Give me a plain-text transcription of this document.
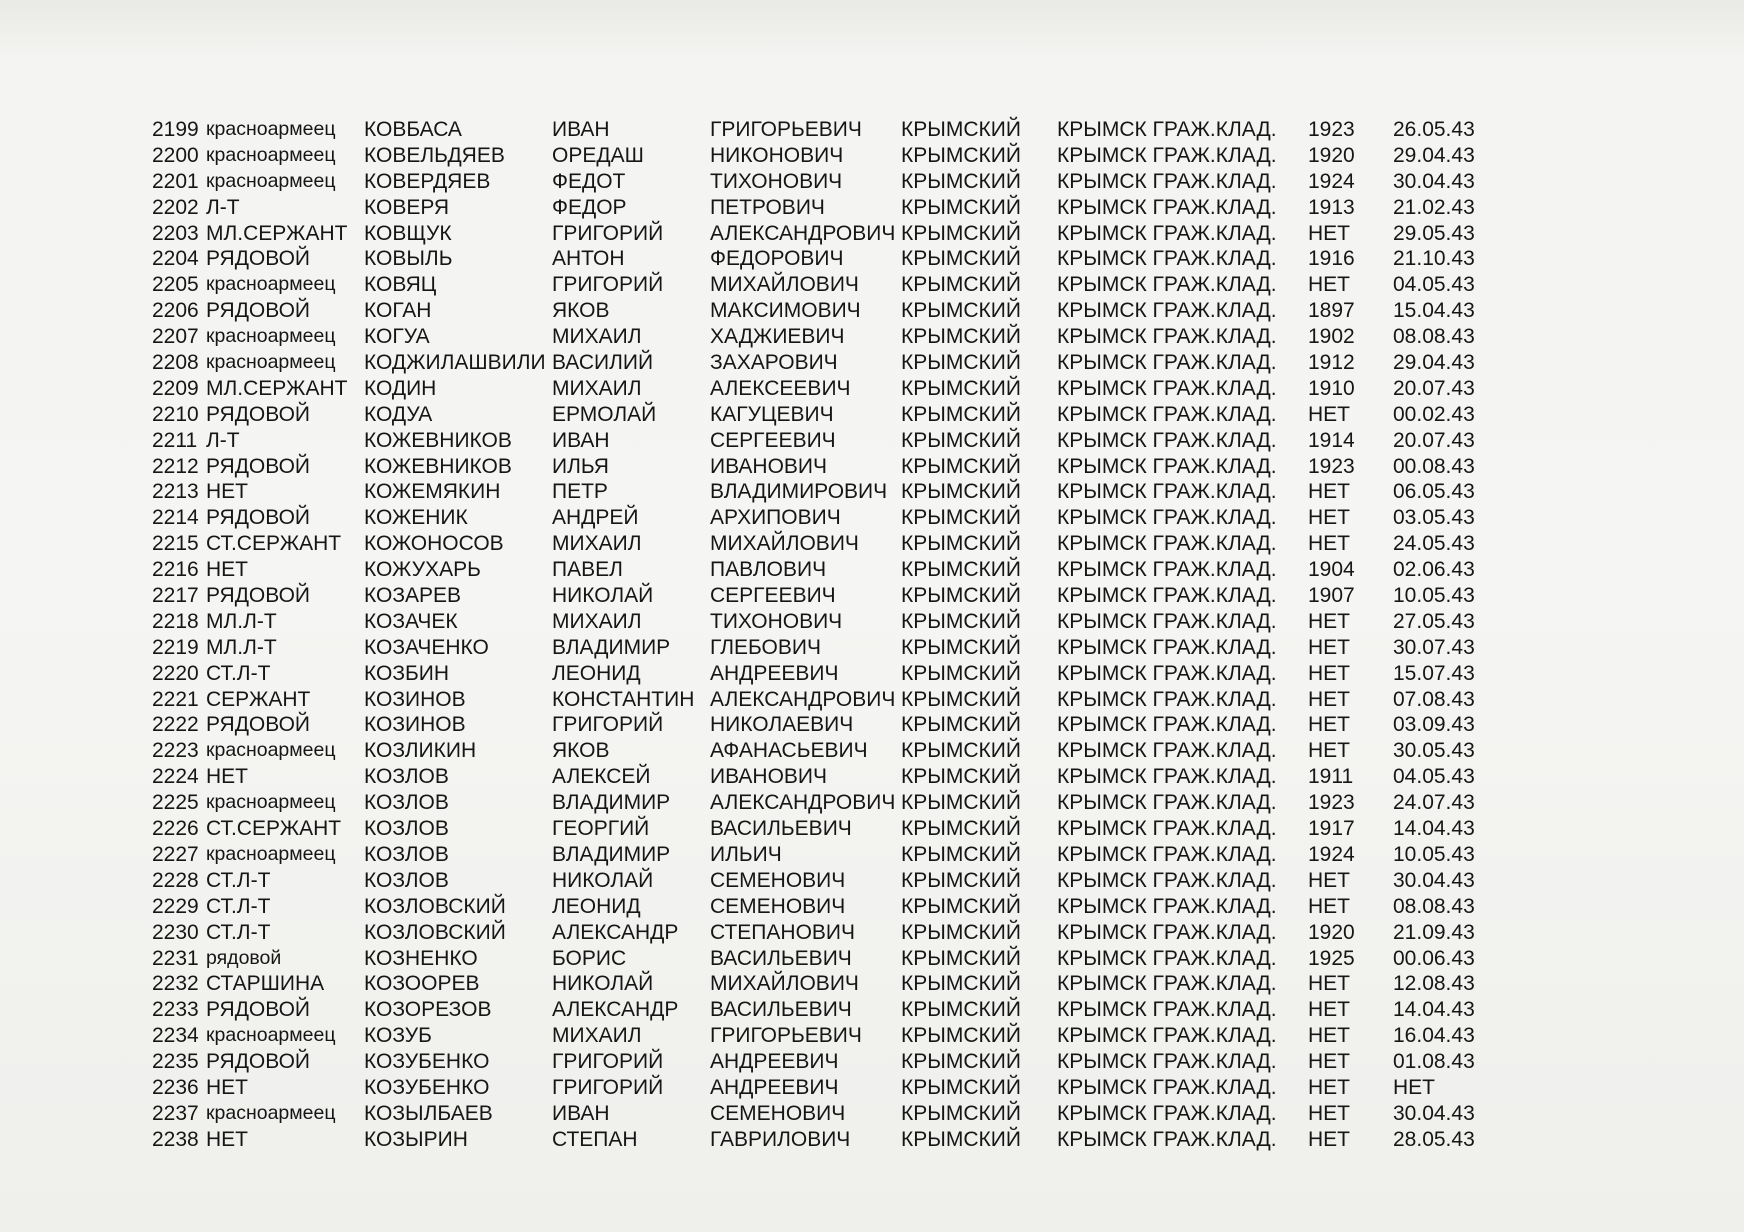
2199 красноармеец КОВБАСА	ИВАН	ГРИГОРЬЕВИЧ КРЫМСКИЙ КРЫМСК ГРАЖ.КЛАД. 1923 26.05.43
2200 красноармеец КОВЕЛЬДЯЕВ ОРЕДАШ	НИКОНОВИЧ	КРЫМСКИЙ КРЫМСК ГРАЖ.КЛАД. 1920 29.04.43
2201 красноармеец КОВЕРДЯЕВ	ФЕДОТ	ТИХОНОВИЧ	КРЫМСКИЙ КРЫМСК ГРАЖ.КЛАД. 1924 30.04.43
2202 Л-Т	КОВЕРЯ	ФЕДОР	ПЕТРОВИЧ	КРЫМСКИЙ КРЫМСК ГРАЖ.КЛАД. 1913 21.02.43
2203 МЛ.СЕРЖАНТ КОВЩУК	ГРИГОРИЙ АЛЕКСАНДРОВИЧ КРЫМСКИЙ КРЫМСК ГРАЖ.КЛАД. НЕТ 29.05.43
2204 РЯДОВОЙ	КОВЫЛЬ	АНТОН	ФЕДОРОВИЧ	КРЫМСКИЙ КРЫМСК ГРАЖ.КЛАД. 1916 21.10.43
2205 красноармеец КОВЯЦ	ГРИГОРИЙ МИХАЙЛОВИЧ КРЫМСКИЙ КРЫМСК ГРАЖ.КЛАД. НЕТ 04.05.43
2206 РЯДОВОЙ	КОГАН	ЯКОВ	МАКСИМОВИЧ КРЫМСКИЙ КРЫМСК ГРАЖ.КЛАД. 1897 15.04.43
2207 красноармеец КОГУА	МИХАИЛ	ХАДЖИЕВИЧ	КРЫМСКИЙ КРЫМСК ГРАЖ.КЛАД. 1902 08.08.43
2208 красноармеец КОДЖИЛАШВИЛИ ВАСИЛИЙ	ЗАХАРОВИЧ	КРЫМСКИЙ КРЫМСК ГРАЖ.КЛАД. 1912 29.04.43
2209 МЛ.СЕРЖАНТ КОДИН	МИХАИЛ	АЛЕКСЕЕВИЧ КРЫМСКИЙ КРЫМСК ГРАЖ.КЛАД. 1910 20.07.43
2210 РЯДОВОЙ	КОДУА	ЕРМОЛАЙ	КАГУЦЕВИЧ	КРЫМСКИЙ КРЫМСК ГРАЖ.КЛАД. НЕТ 00.02.43
2211 Л-Т	КОЖЕВНИКОВ ИВАН	СЕРГЕЕВИЧ	КРЫМСКИЙ КРЫМСК ГРАЖ.КЛАД. 1914 20.07.43
2212 РЯДОВОЙ	КОЖЕВНИКОВ ИЛЬЯ	ИВАНОВИЧ	КРЫМСКИЙ КРЫМСК ГРАЖ.КЛАД. 1923 00.08.43
2213 НЕТ	КОЖЕМЯКИН ПЕТР	ВЛАДИМИРОВИЧ КРЫМСКИЙ КРЫМСК ГРАЖ.КЛАД. НЕТ 06.05.43
2214 РЯДОВОЙ	КОЖЕНИК	АНДРЕЙ	АРХИПОВИЧ	КРЫМСКИЙ КРЫМСК ГРАЖ.КЛАД. НЕТ 03.05.43
2215 СТ.СЕРЖАНТ КОЖОНОСОВ МИХАИЛ	МИХАЙЛОВИЧ КРЫМСКИЙ КРЫМСК ГРАЖ.КЛАД. НЕТ 24.05.43
2216 НЕТ	КОЖУХАРЬ	ПАВЕЛ	ПАВЛОВИЧ	КРЫМСКИЙ КРЫМСК ГРАЖ.КЛАД. 1904 02.06.43
2217 РЯДОВОЙ	КОЗАРЕВ	НИКОЛАЙ	СЕРГЕЕВИЧ	КРЫМСКИЙ КРЫМСК ГРАЖ.КЛАД. 1907 10.05.43
2218 МЛ.Л-Т	КОЗАЧЕК	МИХАИЛ	ТИХОНОВИЧ	КРЫМСКИЙ КРЫМСК ГРАЖ.КЛАД. НЕТ 27.05.43
2219 МЛ.Л-Т	КОЗАЧЕНКО	ВЛАДИМИР ГЛЕБОВИЧ	КРЫМСКИЙ КРЫМСК ГРАЖ.КЛАД. НЕТ 30.07.43
2220 СТ.Л-Т	КОЗБИН	ЛЕОНИД	АНДРЕЕВИЧ	КРЫМСКИЙ КРЫМСК ГРАЖ.КЛАД. НЕТ 15.07.43
2221 СЕРЖАНТ	КОЗИНОВ	КОНСТАНТИН АЛЕКСАНДРОВИЧ КРЫМСКИЙ КРЫМСК ГРАЖ.КЛАД. НЕТ 07.08.43
2222 РЯДОВОЙ	КОЗИНОВ	ГРИГОРИЙ НИКОЛАЕВИЧ КРЫМСКИЙ КРЫМСК ГРАЖ.КЛАД. НЕТ 03.09.43
2223 красноармеец КОЗЛИКИН	ЯКОВ	АФАНАСЬЕВИЧ КРЫМСКИЙ КРЫМСК ГРАЖ.КЛАД. НЕТ 30.05.43
2224 НЕТ	КОЗЛОВ	АЛЕКСЕЙ	ИВАНОВИЧ	КРЫМСКИЙ КРЫМСК ГРАЖ.КЛАД. 1911 04.05.43
2225 красноармеец КОЗЛОВ	ВЛАДИМИР АЛЕКСАНДРОВИЧ КРЫМСКИЙ КРЫМСК ГРАЖ.КЛАД. 1923 24.07.43
2226 СТ.СЕРЖАНТ КОЗЛОВ	ГЕОРГИЙ	ВАСИЛЬЕВИЧ КРЫМСКИЙ КРЫМСК ГРАЖ.КЛАД. 1917 14.04.43
2227 красноармеец КОЗЛОВ	ВЛАДИМИР ИЛЬИЧ	КРЫМСКИЙ КРЫМСК ГРАЖ.КЛАД. 1924 10.05.43
2228 СТ.Л-Т	КОЗЛОВ	НИКОЛАЙ	СЕМЕНОВИЧ	КРЫМСКИЙ КРЫМСК ГРАЖ.КЛАД. НЕТ 30.04.43
2229 СТ.Л-Т	КОЗЛОВСКИЙ ЛЕОНИД	СЕМЕНОВИЧ	КРЫМСКИЙ КРЫМСК ГРАЖ.КЛАД. НЕТ 08.08.43
2230 СТ.Л-Т	КОЗЛОВСКИЙ АЛЕКСАНДР СТЕПАНОВИЧ КРЫМСКИЙ КРЫМСК ГРАЖ.КЛАД. 1920 21.09.43
2231 рядовой	КОЗНЕНКО	БОРИС	ВАСИЛЬЕВИЧ КРЫМСКИЙ КРЫМСК ГРАЖ.КЛАД. 1925 00.06.43
2232 СТАРШИНА КОЗООРЕВ	НИКОЛАЙ	МИХАЙЛОВИЧ КРЫМСКИЙ КРЫМСК ГРАЖ.КЛАД. НЕТ 12.08.43
2233 РЯДОВОЙ	КОЗОРЕЗОВ	АЛЕКСАНДР ВАСИЛЬЕВИЧ КРЫМСКИЙ КРЫМСК ГРАЖ.КЛАД. НЕТ 14.04.43
2234 красноармеец КОЗУБ	МИХАИЛ	ГРИГОРЬЕВИЧ КРЫМСКИЙ КРЫМСК ГРАЖ.КЛАД. НЕТ 16.04.43
2235 РЯДОВОЙ	КОЗУБЕНКО	ГРИГОРИЙ АНДРЕЕВИЧ	КРЫМСКИЙ КРЫМСК ГРАЖ.КЛАД. НЕТ 01.08.43
2236 НЕТ	КОЗУБЕНКО	ГРИГОРИЙ АНДРЕЕВИЧ	КРЫМСКИЙ КРЫМСК ГРАЖ.КЛАД. НЕТ НЕТ
2237 красноармеец КОЗЫЛБАЕВ	ИВАН	СЕМЕНОВИЧ	КРЫМСКИЙ КРЫМСК ГРАЖ.КЛАД. НЕТ 30.04.43
2238 НЕТ	КОЗЫРИН	СТЕПАН	ГАВРИЛОВИЧ КРЫМСКИЙ КРЫМСК ГРАЖ.КЛАД. НЕТ 28.05.43
